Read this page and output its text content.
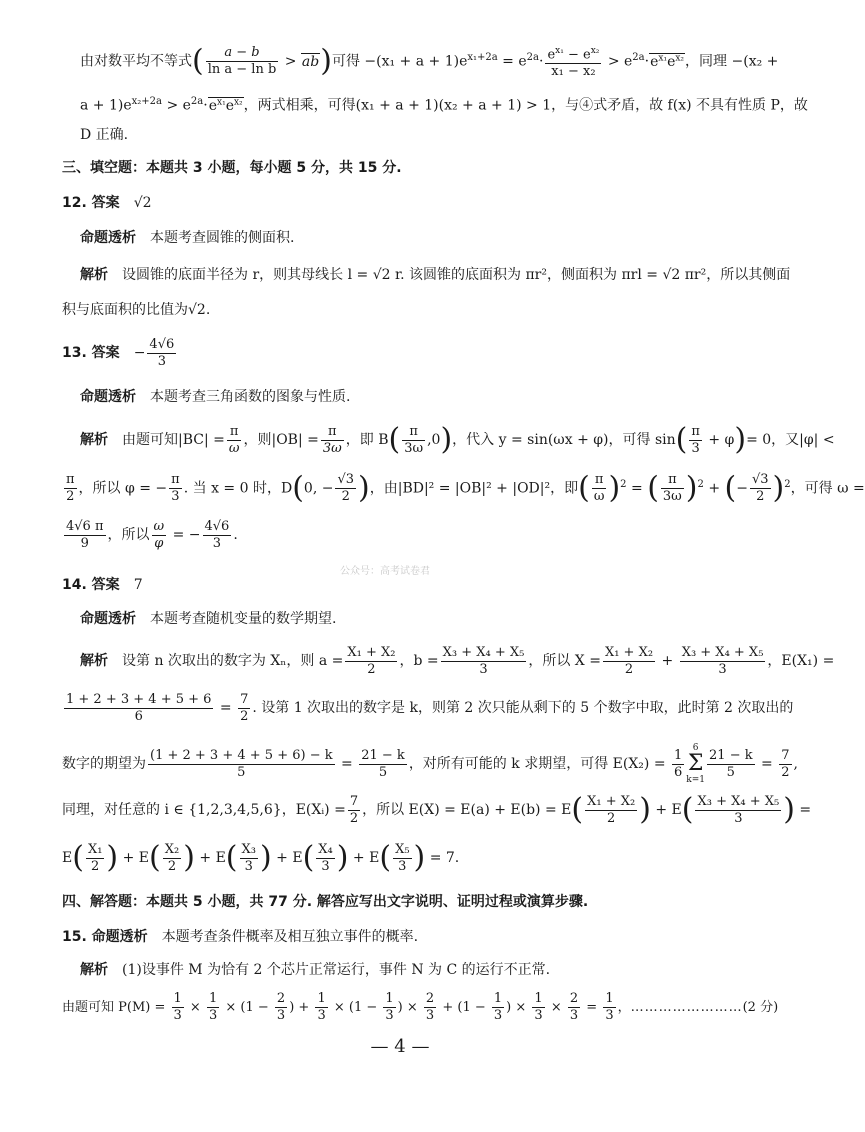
由对数平均不等式( $\frac{a - b}{\text{ln a − ln b}} > ab$)可得 $-(x_1 + a + 1)e^{x_1+2a} = e^{2a}\cdot \frac{e^{x_1} - e^{x_2}}{\text{x₁ − x₂}} > e^{2a}\cdot e^{x_1}e^{x_2}$，同理 −(x₂ +
$a + 1)e^{x_2+2a} > e^{2a}\cdot e^{x_1}e^{x_2}$，两式相乘，可得(x₁ + a + 1)(x₂ + a + 1) > 1，与④式矛盾，故 f(x) 不具有性质 P，故
D 正确.
三、填空题：本题共 3 小题，每小题 5 分，共 15 分.
12. 答案 √2
命题透析 本题考查圆锥的侧面积.
解析 设圆锥的底面半径为 r，则其母线长 l = √2 r. 该圆锥的底面积为 πr²，侧面积为 πrl = √2 πr²，所以其侧面
积与底面积的比值为√2.
13. 答案 − $\frac{4√6}{3}$
命题透析 本题考查三角函数的图象与性质.
解析 由题可知$|BC| = \frac{\pi}{\omega}$ ，则$|OB| = \frac{\pi}{3\omega}$ ，即 $B( \frac{\pi}{3\omega} ,0)$，代入 y = sin(ωx + φ)，可得 $\sin( \frac{\pi}{3} + \varphi)= 0$，又|φ| <
$\frac{\pi}{2}$ ，所以 φ = − $\frac{\pi}{3}$ . 当 x = 0 时，D(0, − $\frac{√3}{2}$ )，由|BD|² = |OB|² + |OD|²，即( $\frac{\pi}{\omega} )^2$ = ( $\frac{\pi}{3\omega} )^2$ + (− $\frac{√3}{2} )^2$，可得 ω =
$\frac{4√6 \pi}{9}$ ，所以 $\frac{\omega}{\varphi}$ = − $\frac{4√6}{3}$ .
公众号：高考试卷君
14. 答案 7
命题透析 本题考查随机变量的数学期望.
解析 设第 n 次取出的数字为 Xₙ，则 $a = \frac{\text{X₁ + X₂}}{2}$ ，$b = \frac{\text{X₃ + X₄ + X₅}}{3}$ ，所以 $X = \frac{\text{X₁ + X₂}}{2} + \frac{\text{X₃ + X₄ + X₅}}{3}$ ，E(X₁) =
$\frac{1 + 2 + 3 + 4 + 5 + 6}{6} = \frac{7}{2}$ . 设第 1 次取出的数字是 k，则第 2 次只能从剩下的 5 个数字中取，此时第 2 次取出的
数字的期望为 $\frac{(1 + 2 + 3 + 4 + 5 + 6) - k}{5} = \frac{21 - k}{5}$ ，对所有可能的 k 求期望，可得 $E(X_2) = \frac{1}{6} 6$
Σ
$k=1 \frac{21 - k}{5} = \frac{7}{2}$ ,
同理，对任意的 i ∈ {1,2,3,4,5,6}，E(Xᵢ) = $\frac{7}{2}$ ，所以 $E(X) = E(a) + E(b) = E( \frac{\text{X₁ + X₂}}{2}$ ) + $E( \frac{\text{X₃ + X₄ + X₅}}{3}$ ) =
$E( \frac{\text{X₁}}{2}$ ) + $E( \frac{\text{X₂}}{2}$ ) + $E( \frac{\text{X₃}}{3}$ ) + $E( \frac{\text{X₄}}{3}$ ) + $E( \frac{\text{X₅}}{3}$ ) = 7.
四、解答题：本题共 5 小题，共 77 分. 解答应写出文字说明、证明过程或演算步骤.
15. 命题透析 本题考查条件概率及相互独立事件的概率.
解析 (1)设事件 M 为恰有 2 个芯片正常运行，事件 N 为 C 的运行不正常.
由题可知 $P(M) = \frac{1}{3} \times \frac{1}{3} \times (1 - \frac{2}{3}$ ) + $\frac{1}{3} \times (1 - \frac{1}{3}$ ) × $\frac{2}{3} + (1 - \frac{1}{3}$ ) × $\frac{1}{3} \times \frac{2}{3} = \frac{1}{3}$ ，……………………(2 分)
— 4 —
